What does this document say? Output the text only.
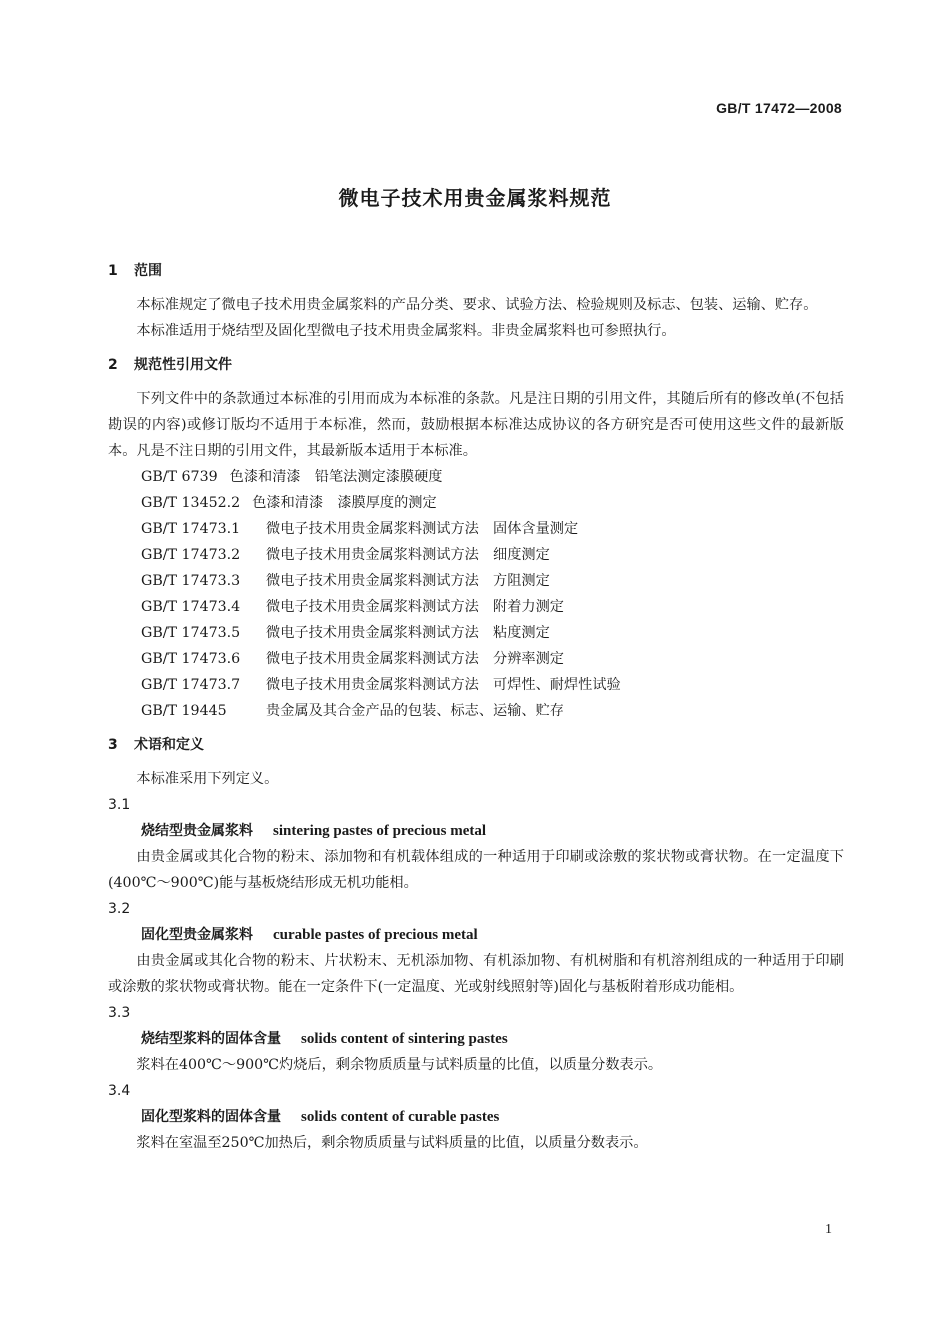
GB/T 17472—2008
微电子技术用贵金属浆料规范
1 范围

本标准规定了微电子技术用贵金属浆料的产品分类、要求、试验方法、检验规则及标志、包装、运输、贮存。

本标准适用于烧结型及固化型微电子技术用贵金属浆料。非贵金属浆料也可参照执行。

2 规范性引用文件

下列文件中的条款通过本标准的引用而成为本标准的条款。凡是注日期的引用文件，其随后所有的修改单(不包括勘误的内容)或修订版均不适用于本标准，然而，鼓励根据本标准达成协议的各方研究是否可使用这些文件的最新版本。凡是不注日期的引用文件，其最新版本适用于本标准。

GB/T 6739 色漆和清漆　铅笔法测定漆膜硬度
GB/T 13452.2 色漆和清漆　漆膜厚度的测定
GB/T 17473.1 微电子技术用贵金属浆料测试方法　固体含量测定
GB/T 17473.2 微电子技术用贵金属浆料测试方法　细度测定
GB/T 17473.3 微电子技术用贵金属浆料测试方法　方阻测定
GB/T 17473.4 微电子技术用贵金属浆料测试方法　附着力测定
GB/T 17473.5 微电子技术用贵金属浆料测试方法　粘度测定
GB/T 17473.6 微电子技术用贵金属浆料测试方法　分辨率测定
GB/T 17473.7 微电子技术用贵金属浆料测试方法　可焊性、耐焊性试验
GB/T 19445	贵金属及其合金产品的包装、标志、运输、贮存
3 术语和定义

本标准采用下列定义。

3.1
烧结型贵金属浆料 sintering pastes of precious metal

由贵金属或其化合物的粉末、添加物和有机载体组成的一种适用于印刷或涂敷的浆状物或膏状物。在一定温度下(400℃～900℃)能与基板烧结形成无机功能相。

3.2
固化型贵金属浆料 curable pastes of precious metal

由贵金属或其化合物的粉末、片状粉末、无机添加物、有机添加物、有机树脂和有机溶剂组成的一种适用于印刷或涂敷的浆状物或膏状物。能在一定条件下(一定温度、光或射线照射等)固化与基板附着形成功能相。

3.3
烧结型浆料的固体含量 solids content of sintering pastes

浆料在400℃～900℃灼烧后，剩余物质质量与试料质量的比值，以质量分数表示。

3.4
固化型浆料的固体含量 solids content of curable pastes

浆料在室温至250℃加热后，剩余物质质量与试料质量的比值，以质量分数表示。

1
